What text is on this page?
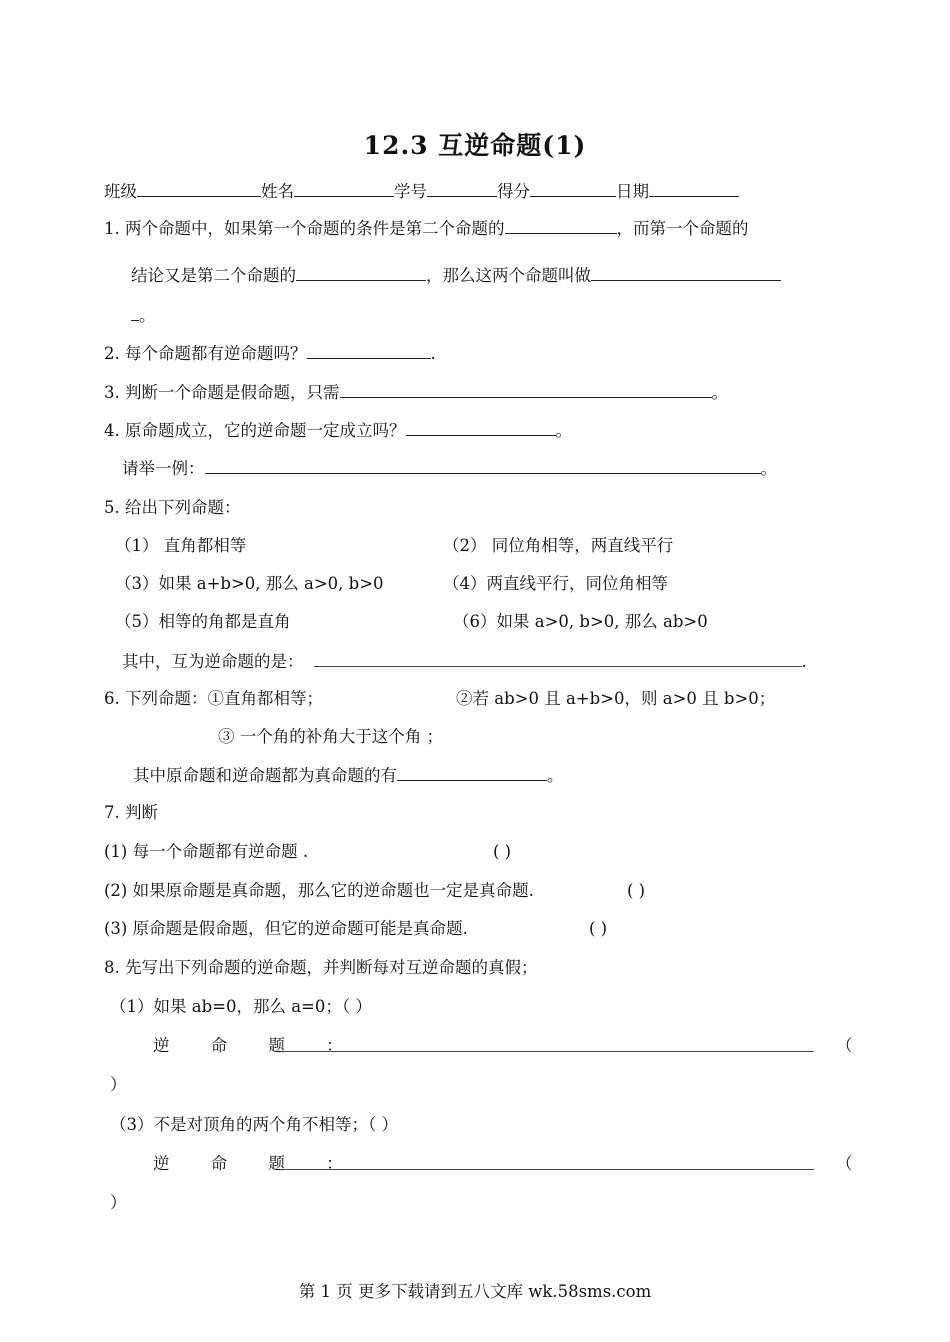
12.3 互逆命题(1)
班级	姓名	学号	得分	日期
1. 两个命题中，如果第一个命题的条件是第二个命题的	，而第一个命题的
结论又是第二个命题的	，那么这两个命题叫做
。
2. 每个命题都有逆命题吗？	.
3. 判断一个命题是假命题，只需	。
4. 原命题成立，它的逆命题一定成立吗？	。
请举一例：	。
5. 给出下列命题：
（1） 直角都相等	（2） 同位角相等，两直线平行
（3）如果 a+b>0, 那么 a>0, b>0	（4）两直线平行，同位角相等
（5）相等的角都是直角	（6）如果 a>0, b>0, 那么 ab>0
其中，互为逆命题的是：	.
6. 下列命题：①直角都相等；	②若 ab>0 且 a+b>0，则 a>0 且 b>0；
③ 一个角的补角大于这个角 ；
其中原命题和逆命题都为真命题的有	。
7. 判断
(1) 每一个命题都有逆命题 .	( )
(2) 如果原命题是真命题，那么它的逆命题也一定是真命题.	( )
(3) 原命题是假命题，但它的逆命题可能是真命题.	( )
8. 先写出下列命题的逆命题，并判断每对互逆命题的真假；
（1）如果 ab=0，那么 a=0；（ ）
逆 命 题 ：	（
）
（3）不是对顶角的两个角不相等；（ ）
逆 命 题 ：	（
）
第 1 页 更多下载请到五八文库 wk.58sms.com
